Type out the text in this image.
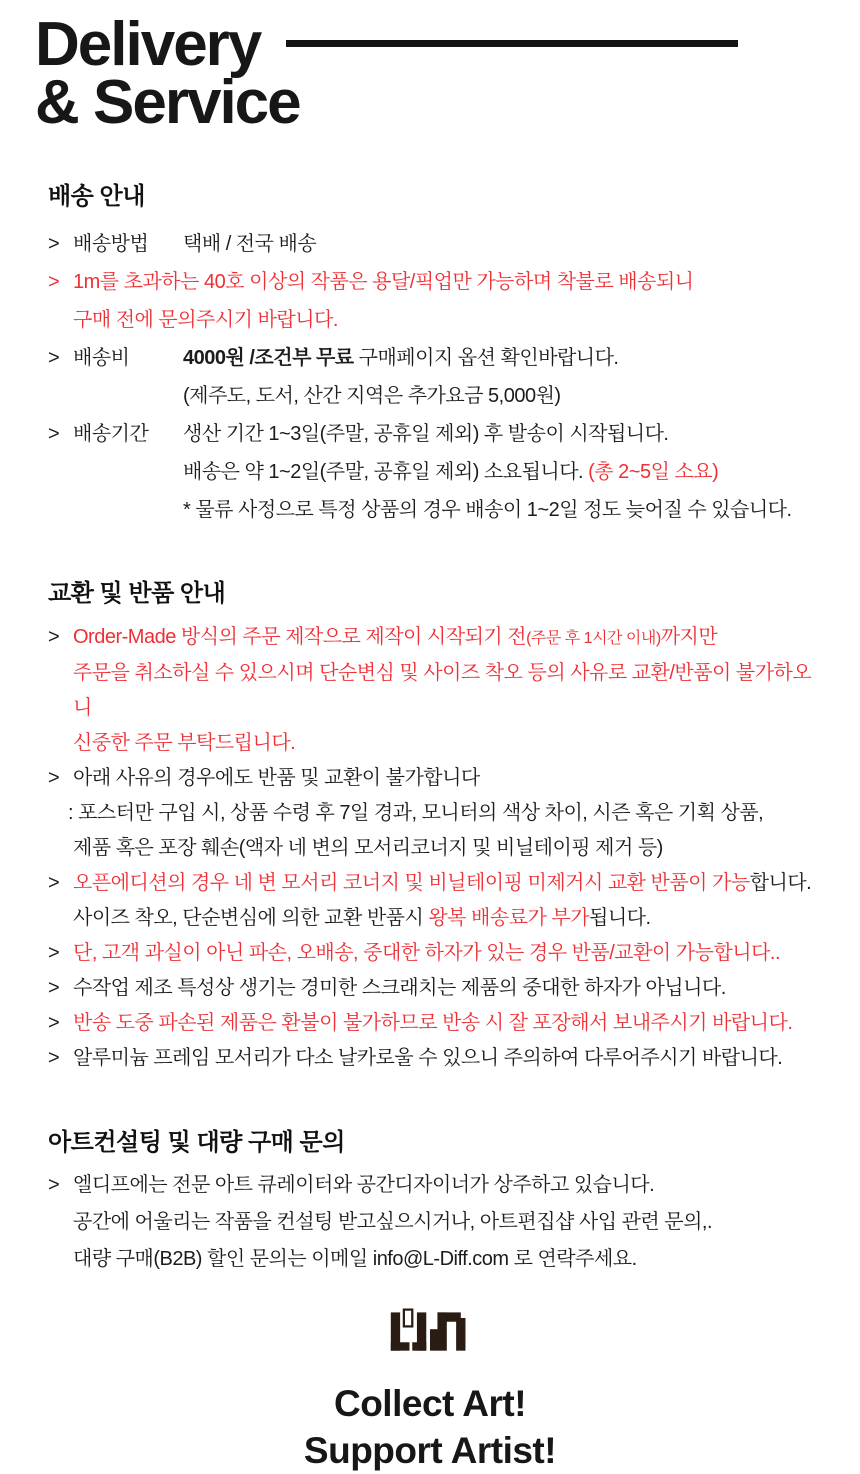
Delivery
& Service
배송 안내
> 배송방법 택배 / 전국 배송
> 1m를 초과하는 40호 이상의 작품은 용달/픽업만 가능하며 착불로 배송되니
구매 전에 문의주시기 바랍니다.
> 배송비	4000원 /조건부 무료 구매페이지 옵션 확인바랍니다.
(제주도, 도서, 산간 지역은 추가요금 5,000원)
> 배송기간 생산 기간 1~3일(주말, 공휴일 제외) 후 발송이 시작됩니다.
배송은 약 1~2일(주말, 공휴일 제외) 소요됩니다. (총 2~5일 소요)
* 물류 사정으로 특정 상품의 경우 배송이 1~2일 정도 늦어질 수 있습니다.
교환 및 반품 안내
> Order-Made 방식의 주문 제작으로 제작이 시작되기 전(주문 후 1시간 이내)까지만
주문을 취소하실 수 있으시며 단순변심 및 사이즈 착오 등의 사유로 교환/반품이 불가하오니
신중한 주문 부탁드립니다.
> 아래 사유의 경우에도 반품 및 교환이 불가합니다
: 포스터만 구입 시, 상품 수령 후 7일 경과, 모니터의 색상 차이, 시즌 혹은 기획 상품,
제품 혹은 포장 훼손(액자 네 변의 모서리코너지 및 비닐테이핑 제거 등)
> 오픈에디션의 경우 네 변 모서리 코너지 및 비닐테이핑 미제거시 교환 반품이 가능합니다.
사이즈 착오, 단순변심에 의한 교환 반품시 왕복 배송료가 부가됩니다.
> 단, 고객 과실이 아닌 파손, 오배송, 중대한 하자가 있는 경우 반품/교환이 가능합니다..
> 수작업 제조 특성상 생기는 경미한 스크래치는 제품의 중대한 하자가 아닙니다.
> 반송 도중 파손된 제품은 환불이 불가하므로 반송 시 잘 포장해서 보내주시기 바랍니다.
> 알루미늄 프레임 모서리가 다소 날카로울 수 있으니 주의하여 다루어주시기 바랍니다.
아트컨설팅 및 대량 구매 문의
> 엘디프에는 전문 아트 큐레이터와 공간디자이너가 상주하고 있습니다.
공간에 어울리는 작품을 컨설팅 받고싶으시거나, 아트편집샵 사입 관련 문의,.
대량 구매(B2B) 할인 문의는 이메일 info@L-Diff.com 로 연락주세요.
Collect Art!
Support Artist!
